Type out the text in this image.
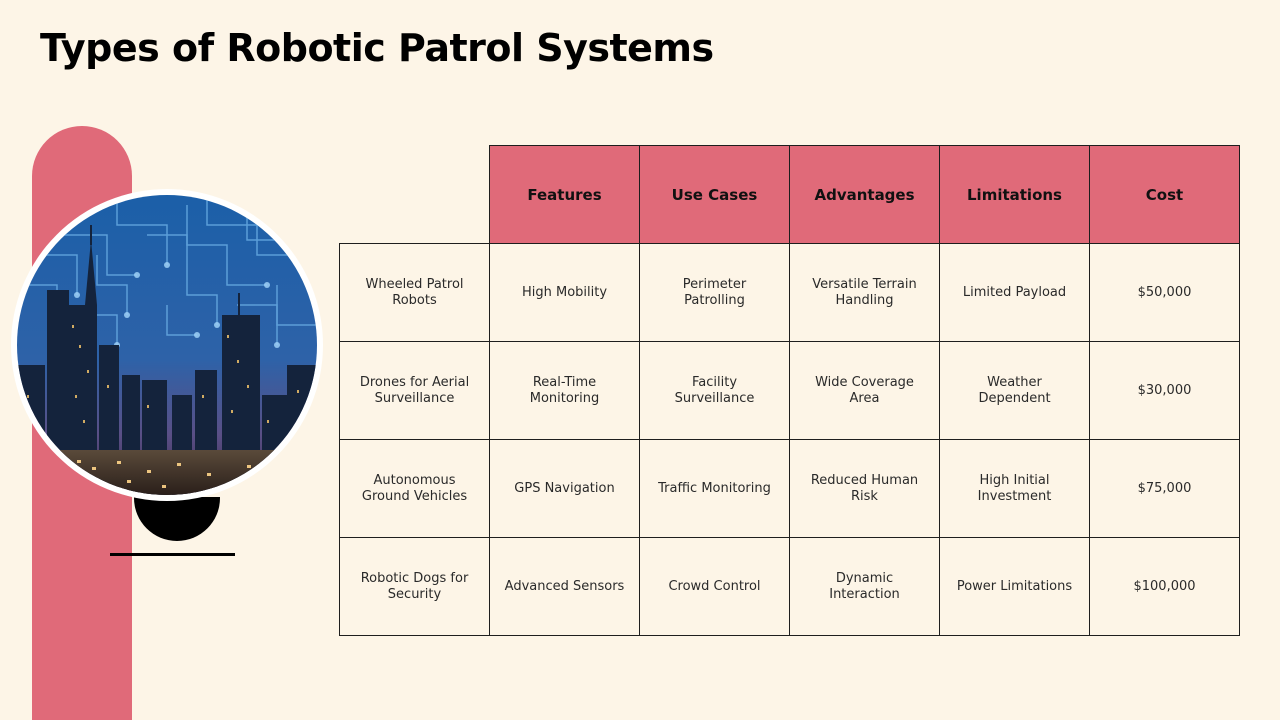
Types of Robotic Patrol Systems
	Features	Use Cases	Advantages	Limitations	Cost
Wheeled Patrol Robots	High Mobility	Perimeter Patrolling	Versatile Terrain Handling	Limited Payload	$50,000
Drones for Aerial Surveillance	Real-Time Monitoring	Facility Surveillance	Wide Coverage Area	Weather Dependent	$30,000
Autonomous Ground Vehicles	GPS Navigation	Traffic Monitoring	Reduced Human Risk	High Initial Investment	$75,000
Robotic Dogs for Security	Advanced Sensors	Crowd Control	Dynamic Interaction	Power Limitations	$100,000
